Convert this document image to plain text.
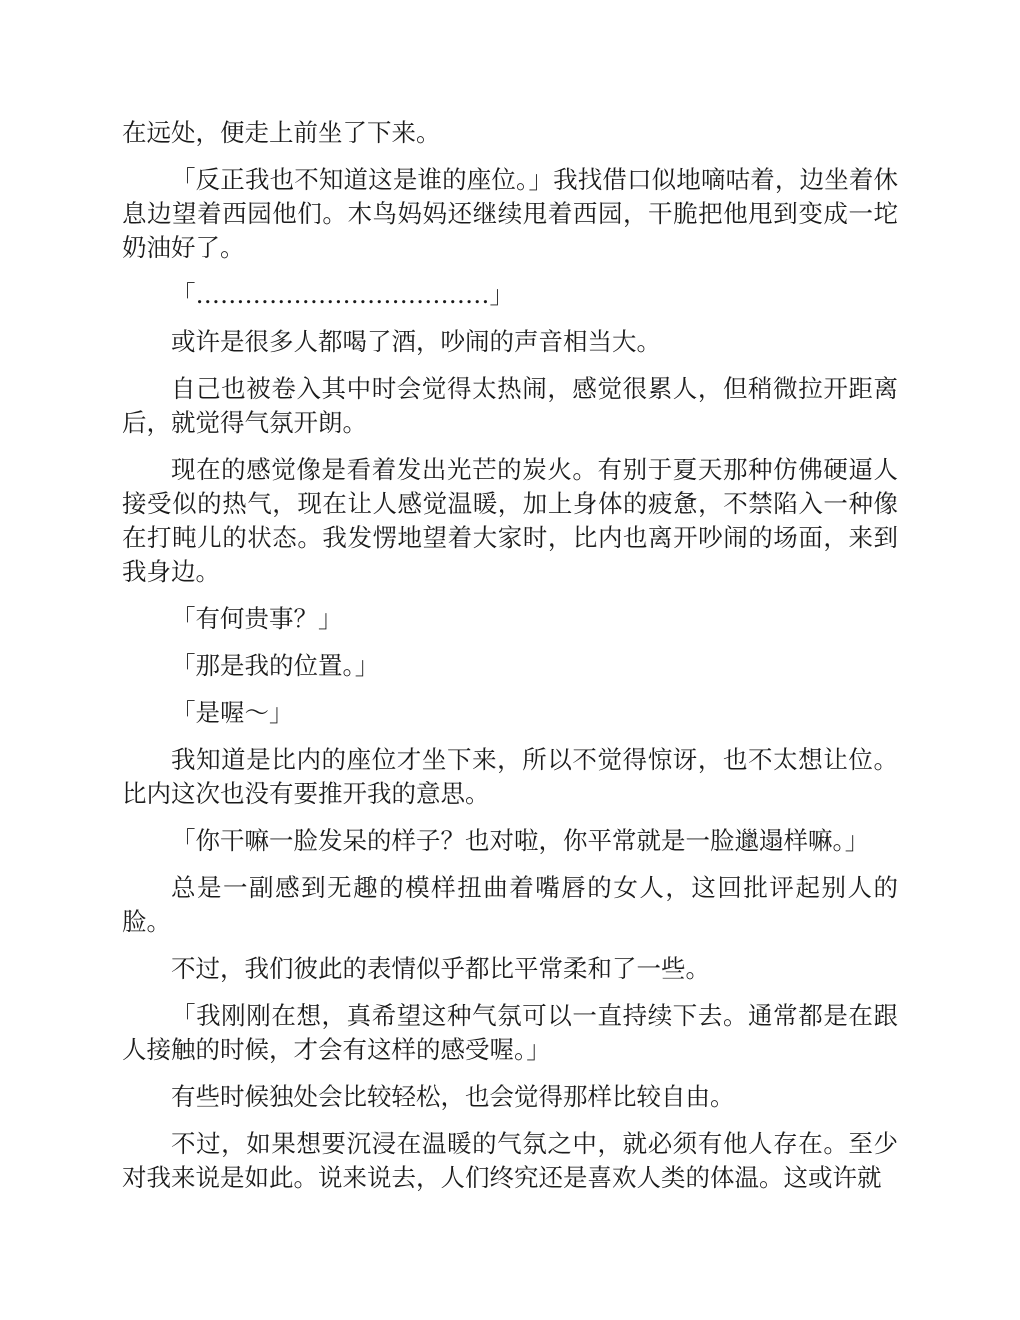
在远处，便走上前坐了下来。

「反正我也不知道这是谁的座位。」我找借口似地嘀咕着，边坐着休息边望着西园他们。木鸟妈妈还继续甩着西园，干脆把他甩到变成一坨奶油好了。

「………………………………」

或许是很多人都喝了酒，吵闹的声音相当大。

自己也被卷入其中时会觉得太热闹，感觉很累人，但稍微拉开距离后，就觉得气氛开朗。

现在的感觉像是看着发出光芒的炭火。有别于夏天那种仿佛硬逼人接受似的热气，现在让人感觉温暖，加上身体的疲惫，不禁陷入一种像在打盹儿的状态。我发愣地望着大家时，比内也离开吵闹的场面，来到我身边。

「有何贵事？」

「那是我的位置。」

「是喔～」

我知道是比内的座位才坐下来，所以不觉得惊讶，也不太想让位。比内这次也没有要推开我的意思。

「你干嘛一脸发呆的样子？也对啦，你平常就是一脸邋遢样嘛。」

总是一副感到无趣的模样扭曲着嘴唇的女人，这回批评起别人的脸。

不过，我们彼此的表情似乎都比平常柔和了一些。

「我刚刚在想，真希望这种气氛可以一直持续下去。通常都是在跟人接触的时候，才会有这样的感受喔。」

有些时候独处会比较轻松，也会觉得那样比较自由。

不过，如果想要沉浸在温暖的气氛之中，就必须有他人存在。至少对我来说是如此。说来说去，人们终究还是喜欢人类的体温。这或许就
